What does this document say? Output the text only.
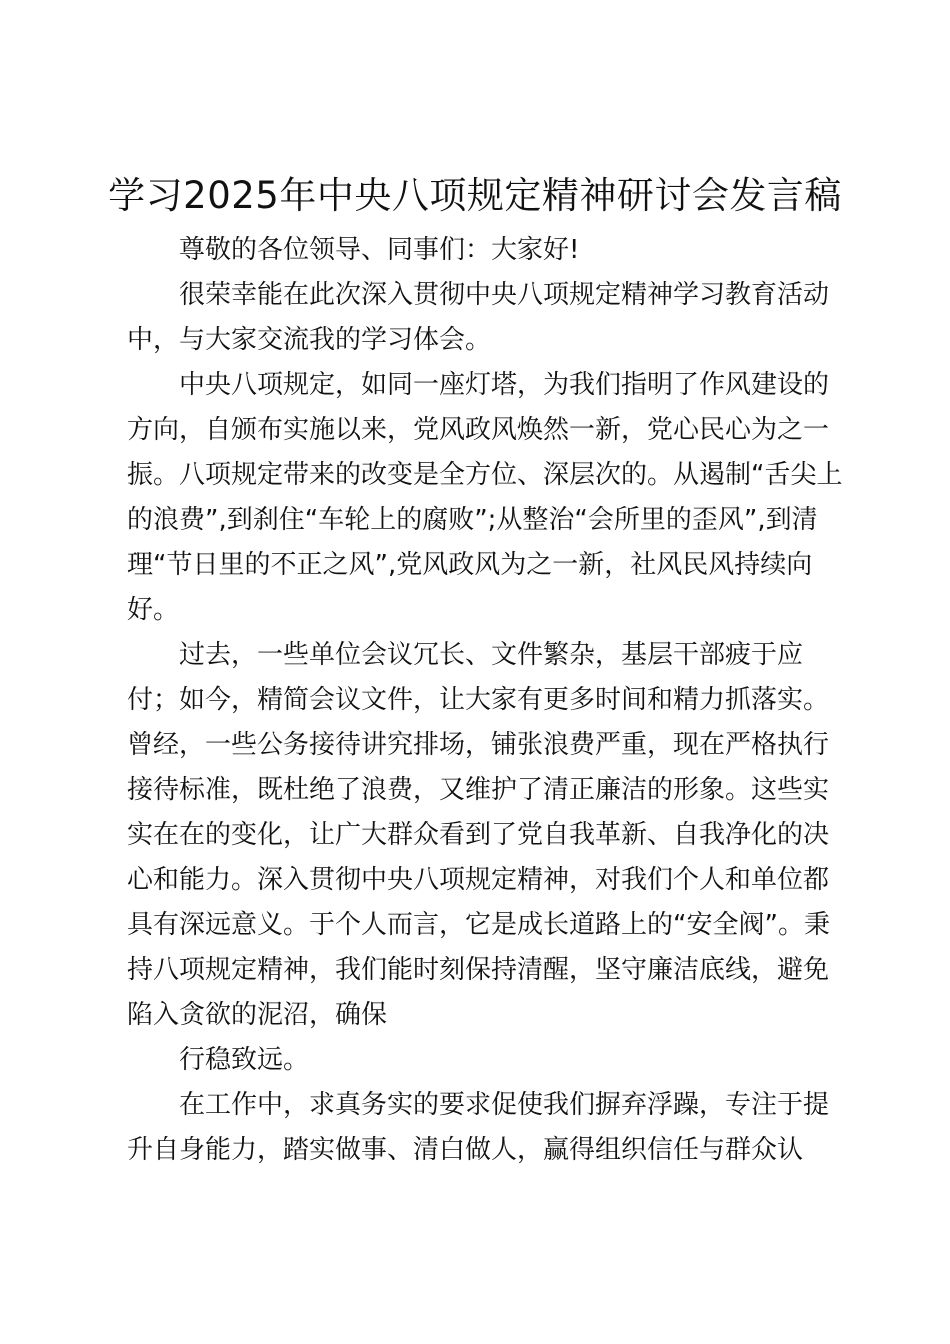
学习2025年中央八项规定精神研讨会发言稿
尊敬的各位领导、同事们：大家好!
很荣幸能在此次深入贯彻中央八项规定精神学习教育活动
中，与大家交流我的学习体会。
中央八项规定，如同一座灯塔，为我们指明了作风建设的
方向，自颁布实施以来，党风政风焕然一新，党心民心为之一
振。八项规定带来的改变是全方位、深层次的。从遏制“舌尖上
的浪费”,到刹住“车轮上的腐败”;从整治“会所里的歪风”,到清
理“节日里的不正之风”,党风政风为之一新，社风民风持续向
好。
过去，一些单位会议冗长、文件繁杂，基层干部疲于应
付；如今，精简会议文件，让大家有更多时间和精力抓落实。
曾经，一些公务接待讲究排场，铺张浪费严重，现在严格执行
接待标准，既杜绝了浪费，又维护了清正廉洁的形象。这些实
实在在的变化，让广大群众看到了党自我革新、自我净化的决
心和能力。深入贯彻中央八项规定精神，对我们个人和单位都
具有深远意义。于个人而言，它是成长道路上的“安全阀”。秉
持八项规定精神，我们能时刻保持清醒，坚守廉洁底线，避免
陷入贪欲的泥沼，确保
行稳致远。
在工作中，求真务实的要求促使我们摒弃浮躁，专注于提
升自身能力，踏实做事、清白做人，赢得组织信任与群众认
